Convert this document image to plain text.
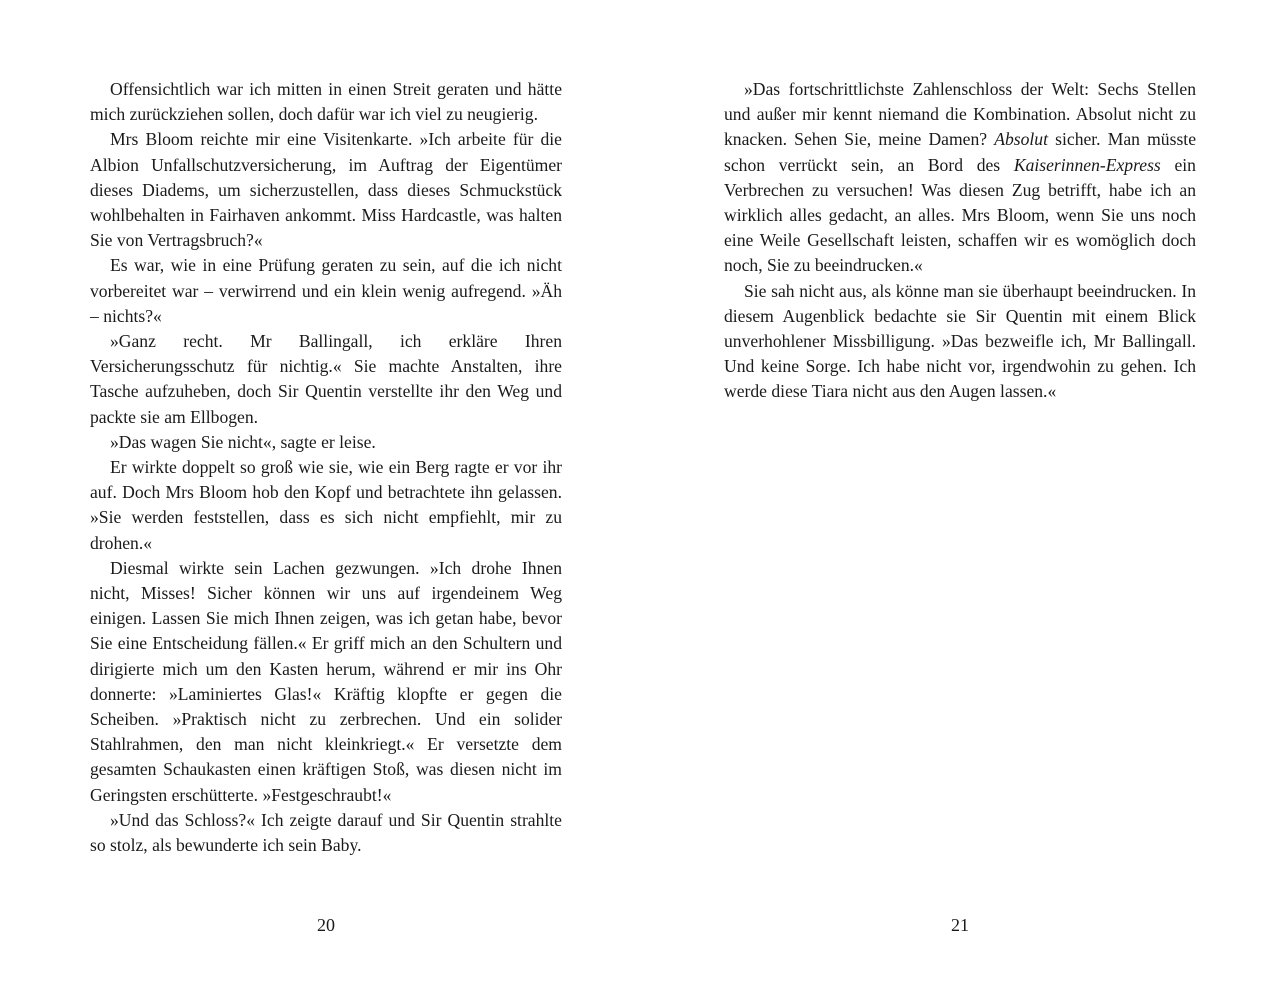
Offensichtlich war ich mitten in einen Streit geraten und hätte mich zurückziehen sollen, doch dafür war ich viel zu neugierig.

Mrs Bloom reichte mir eine Visitenkarte. »Ich arbeite für die Albion Unfallschutzversicherung, im Auftrag der Eigentümer dieses Diadems, um sicherzustellen, dass dieses Schmuckstück wohlbehalten in Fairhaven ankommt. Miss Hardcastle, was halten Sie von Vertragsbruch?«

Es war, wie in eine Prüfung geraten zu sein, auf die ich nicht vorbereitet war – verwirrend und ein klein wenig aufregend. »Äh – nichts?«

»Ganz recht. Mr Ballingall, ich erkläre Ihren Versicherungsschutz für nichtig.« Sie machte Anstalten, ihre Tasche aufzuheben, doch Sir Quentin verstellte ihr den Weg und packte sie am Ellbogen.

»Das wagen Sie nicht«, sagte er leise.

Er wirkte doppelt so groß wie sie, wie ein Berg ragte er vor ihr auf. Doch Mrs Bloom hob den Kopf und betrachtete ihn gelassen. »Sie werden feststellen, dass es sich nicht empfiehlt, mir zu drohen.«

Diesmal wirkte sein Lachen gezwungen. »Ich drohe Ihnen nicht, Misses! Sicher können wir uns auf irgendeinem Weg einigen. Lassen Sie mich Ihnen zeigen, was ich getan habe, bevor Sie eine Entscheidung fällen.« Er griff mich an den Schultern und dirigierte mich um den Kasten herum, während er mir ins Ohr donnerte: »Laminiertes Glas!« Kräftig klopfte er gegen die Scheiben. »Praktisch nicht zu zerbrechen. Und ein solider Stahlrahmen, den man nicht kleinkriegt.« Er versetzte dem gesamten Schaukasten einen kräftigen Stoß, was diesen nicht im Geringsten erschütterte. »Festgeschraubt!«

»Und das Schloss?« Ich zeigte darauf und Sir Quentin strahlte so stolz, als bewunderte ich sein Baby.

20

»Das fortschrittlichste Zahlenschloss der Welt: Sechs Stellen und außer mir kennt niemand die Kombination. Absolut nicht zu knacken. Sehen Sie, meine Damen? Absolut sicher. Man müsste schon verrückt sein, an Bord des Kaiserinnen-Express ein Verbrechen zu versuchen! Was diesen Zug betrifft, habe ich an wirklich alles gedacht, an alles. Mrs Bloom, wenn Sie uns noch eine Weile Gesellschaft leisten, schaffen wir es womöglich doch noch, Sie zu beeindrucken.«

Sie sah nicht aus, als könne man sie überhaupt beeindrucken. In diesem Augenblick bedachte sie Sir Quentin mit einem Blick unverhohlener Missbilligung. »Das bezweifle ich, Mr Ballingall. Und keine Sorge. Ich habe nicht vor, irgendwohin zu gehen. Ich werde diese Tiara nicht aus den Augen lassen.«

21
